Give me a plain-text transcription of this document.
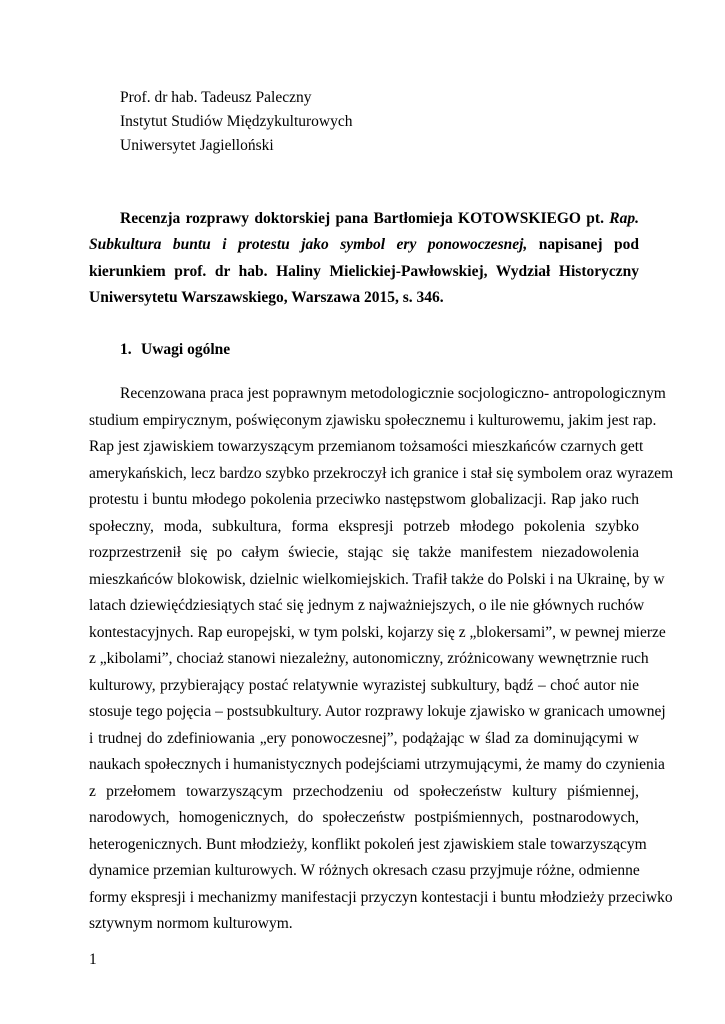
Prof. dr hab. Tadeusz Paleczny
Instytut Studiów Międzykulturowych
Uniwersytet Jagielloński
Recenzja rozprawy doktorskiej pana Bartłomieja KOTOWSKIEGO pt. Rap. Subkultura buntu i protestu jako symbol ery ponowoczesnej, napisanej pod kierunkiem prof. dr hab. Haliny Mielickiej-Pawłowskiej, Wydział Historyczny Uniwersytetu Warszawskiego, Warszawa 2015, s. 346.
1. Uwagi ogólne
Recenzowana praca jest poprawnym metodologicznie socjologiczno- antropologicznym
studium empirycznym, poświęconym zjawisku społecznemu i kulturowemu, jakim jest rap.
Rap jest zjawiskiem towarzyszącym przemianom tożsamości mieszkańców czarnych gett
amerykańskich, lecz bardzo szybko przekroczył ich granice i stał się symbolem oraz wyrazem
protestu i buntu młodego pokolenia przeciwko następstwom globalizacji. Rap jako ruch
społeczny, moda, subkultura, forma ekspresji potrzeb młodego pokolenia szybko
rozprzestrzenił się po całym świecie, stając się także manifestem niezadowolenia
mieszkańców blokowisk, dzielnic wielkomiejskich. Trafił także do Polski i na Ukrainę, by w
latach dziewięćdziesiątych stać się jednym z najważniejszych, o ile nie głównych ruchów
kontestacyjnych. Rap europejski, w tym polski, kojarzy się z „blokersami”, w pewnej mierze
z „kibolami”, chociaż stanowi niezależny, autonomiczny, zróżnicowany wewnętrznie ruch
kulturowy, przybierający postać relatywnie wyrazistej subkultury, bądź – choć autor nie
stosuje tego pojęcia – postsubkultury. Autor rozprawy lokuje zjawisko w granicach umownej
i trudnej do zdefiniowania „ery ponowoczesnej”, podążając w ślad za dominującymi w
naukach społecznych i humanistycznych podejściami utrzymującymi, że mamy do czynienia
z przełomem towarzyszącym przechodzeniu od społeczeństw kultury piśmiennej,
narodowych, homogenicznych, do społeczeństw postpiśmiennych, postnarodowych,
heterogenicznych. Bunt młodzieży, konflikt pokoleń jest zjawiskiem stale towarzyszącym
dynamice przemian kulturowych. W różnych okresach czasu przyjmuje różne, odmienne
formy ekspresji i mechanizmy manifestacji przyczyn kontestacji i buntu młodzieży przeciwko
sztywnym normom kulturowym.
1
